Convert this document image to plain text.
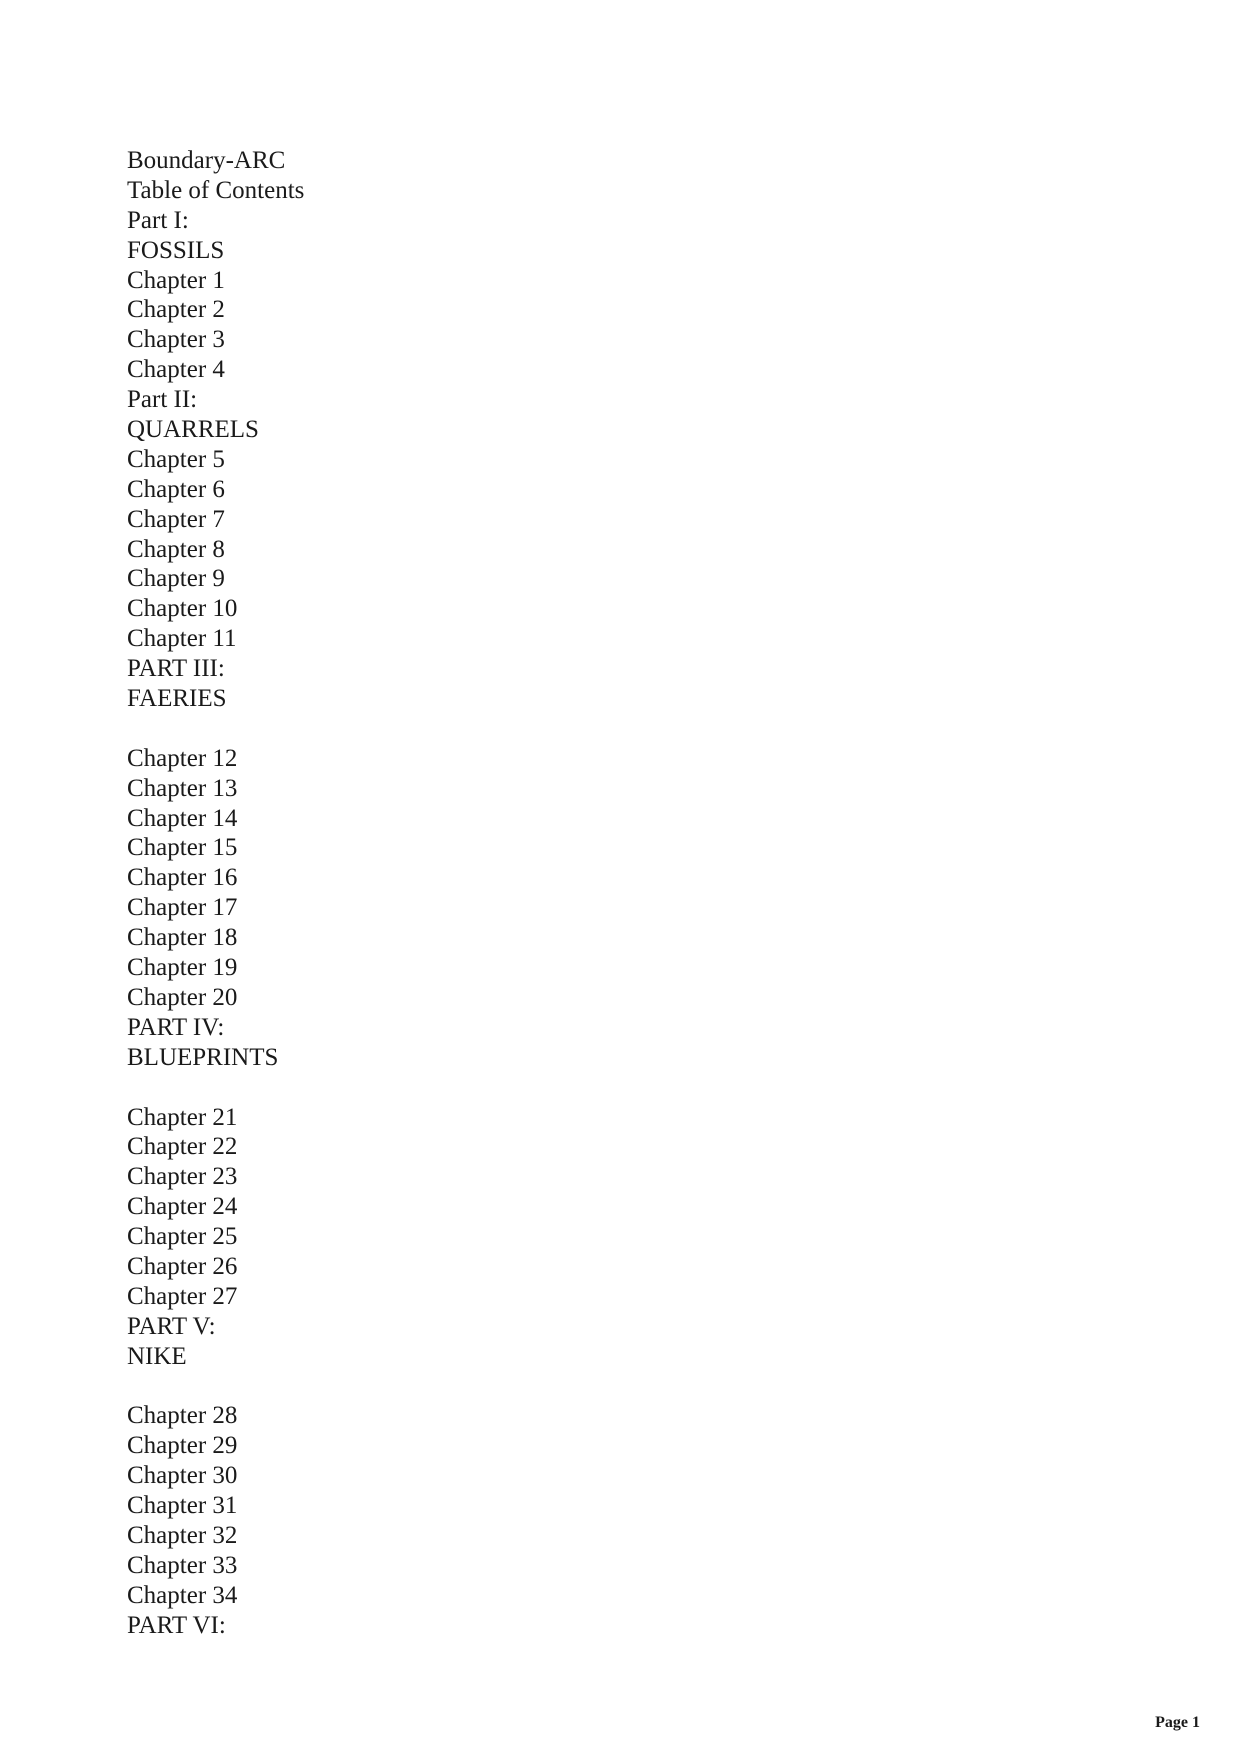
Boundary-ARC
Table of Contents
Part I:
FOSSILS
Chapter 1
Chapter 2
Chapter 3
Chapter 4
Part II:
QUARRELS
Chapter 5
Chapter 6
Chapter 7
Chapter 8
Chapter 9
Chapter 10
Chapter 11
PART III:
FAERIES
Chapter 12
Chapter 13
Chapter 14
Chapter 15
Chapter 16
Chapter 17
Chapter 18
Chapter 19
Chapter 20
PART IV:
BLUEPRINTS
Chapter 21
Chapter 22
Chapter 23
Chapter 24
Chapter 25
Chapter 26
Chapter 27
PART V:
NIKE
Chapter 28
Chapter 29
Chapter 30
Chapter 31
Chapter 32
Chapter 33
Chapter 34
PART VI:
Page 1
